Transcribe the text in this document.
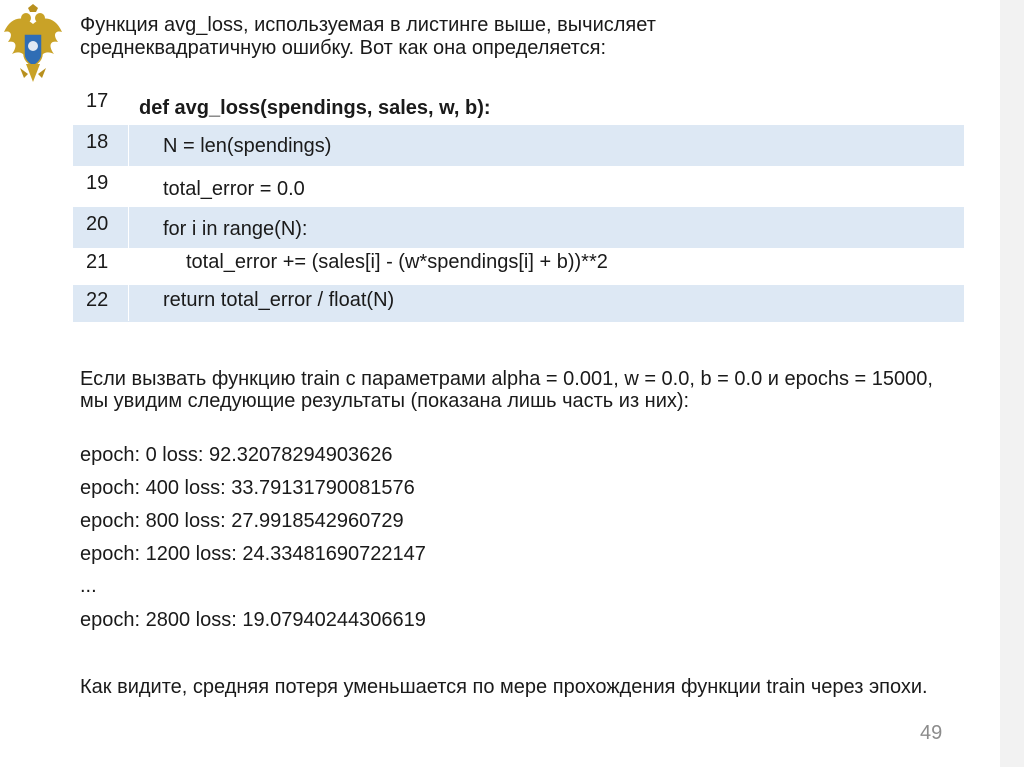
Функция avg_loss, используемая в листинге выше, вычисляет среднеквадратичную ошибку. Вот как она определяется:
17 def avg_loss(spendings, sales, w, b):
18	N = len(spendings)
19	total_error = 0.0
20	for i in range(N):
21	total_error += (sales[i] - (w*spendings[i] + b))**2
22	return total_error / float(N)
Если вызвать функцию train с параметрами alpha = 0.001, w = 0.0, b = 0.0 и epochs = 15000, мы увидим следующие результаты (показана лишь часть из них):
epoch: 0 loss: 92.32078294903626
epoch: 400 loss: 33.79131790081576
epoch: 800 loss: 27.9918542960729
epoch: 1200 loss: 24.33481690722147
...
epoch: 2800 loss: 19.07940244306619
Как видите, средняя потеря уменьшается по мере прохождения функции train через эпохи.
49
